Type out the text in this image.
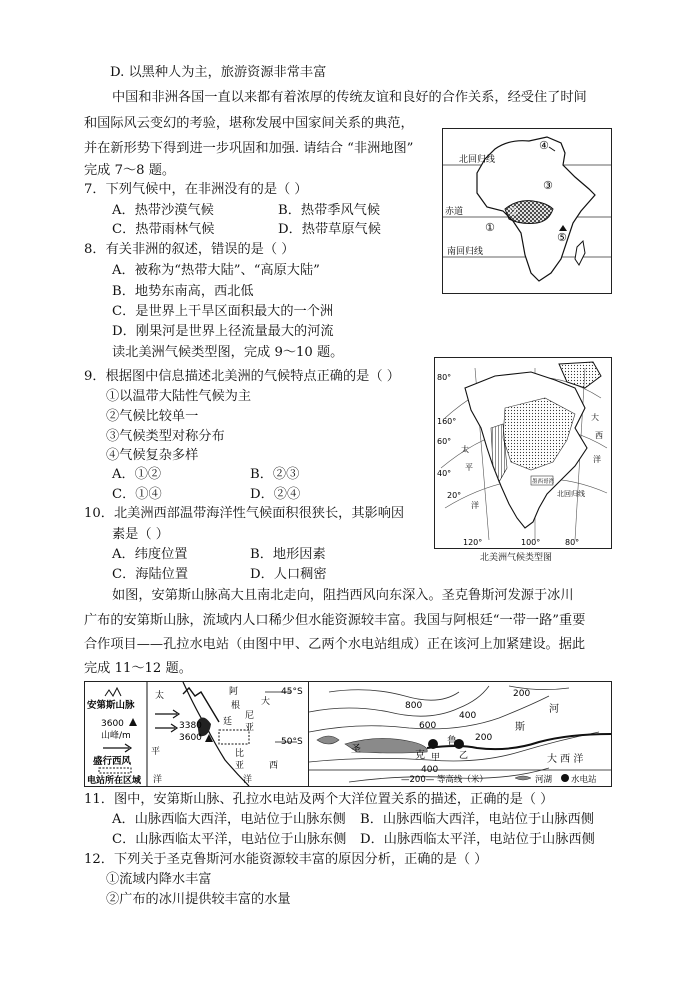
D. 以黑种人为主，旅游资源非常丰富
中国和非洲各国一直以来都有着浓厚的传统友谊和良好的合作关系，经受住了时间
和国际风云变幻的考验，堪称发展中国家间关系的典范，
并在新形势下得到进一步巩固和加强. 请结合 “非洲地图”
完成 7～8 题。
7．下列气候中，在非洲没有的是（ ）
A．热带沙漠气候	B．热带季风气候
C．热带雨林气候	D．热带草原气候
8．有关非洲的叙述，错误的是（ ）
A．被称为“热带大陆”、“高原大陆”
B．地势东南高，西北低
C．是世界上干旱区面积最大的一个洲
D．刚果河是世界上径流量最大的河流
北回归线
赤道
南回归线
①
②
③
④
⑤
读北美洲气候类型图，完成 9～10 题。
9．根据图中信息描述北美洲的气候特点正确的是（ ）
①以温带大陆性气候为主
②气候比较单一
③气候类型对称分布
④气候复杂多样
A．①②	B．②③
C．①④	D．②④
10．北美洲西部温带海洋性气候面积很狭长，其影响因
素是（ ）
A．纬度位置	B．地形因素
C．海陆位置	D．人口稠密
墨西哥湾
北回归线
80°
160°
60°
40°
20°
120°	100°	80°
太
平
洋
大
西
洋
北美洲气候类型图
如图，安第斯山脉高大且南北走向，阻挡西风向东深入。圣克鲁斯河发源于冰川
广布的安第斯山脉，流域内人口稀少但水能资源较丰富。我国与阿根廷“一带一路”重要
合作项目——孔拉水电站（由图中甲、乙两个水电站组成）正在该河上加紧建设。据此
完成 11～12 题。
安第斯山脉
3600
山峰/m
盛行西风
电站所在区域
3380
3600
45°S
50°S
太
平
洋
阿
根
廷
尼
亚
西
洋
大
比
亚
甲 乙
800
600
400
200
200
400
圣
克
鲁
斯
河
大 西 洋
—200— 等高线（米）	河湖 水电站
11．图中，安第斯山脉、孔拉水电站及两个大洋位置关系的描述，正确的是（ ）
A．山脉西临大西洋，电站位于山脉东侧 B．山脉西临大西洋，电站位于山脉西侧
C．山脉西临太平洋，电站位于山脉东侧 D．山脉西临太平洋，电站位于山脉西侧
12．下列关于圣克鲁斯河水能资源较丰富的原因分析，正确的是（ ）
①流域内降水丰富
②广布的冰川提供较丰富的水量
